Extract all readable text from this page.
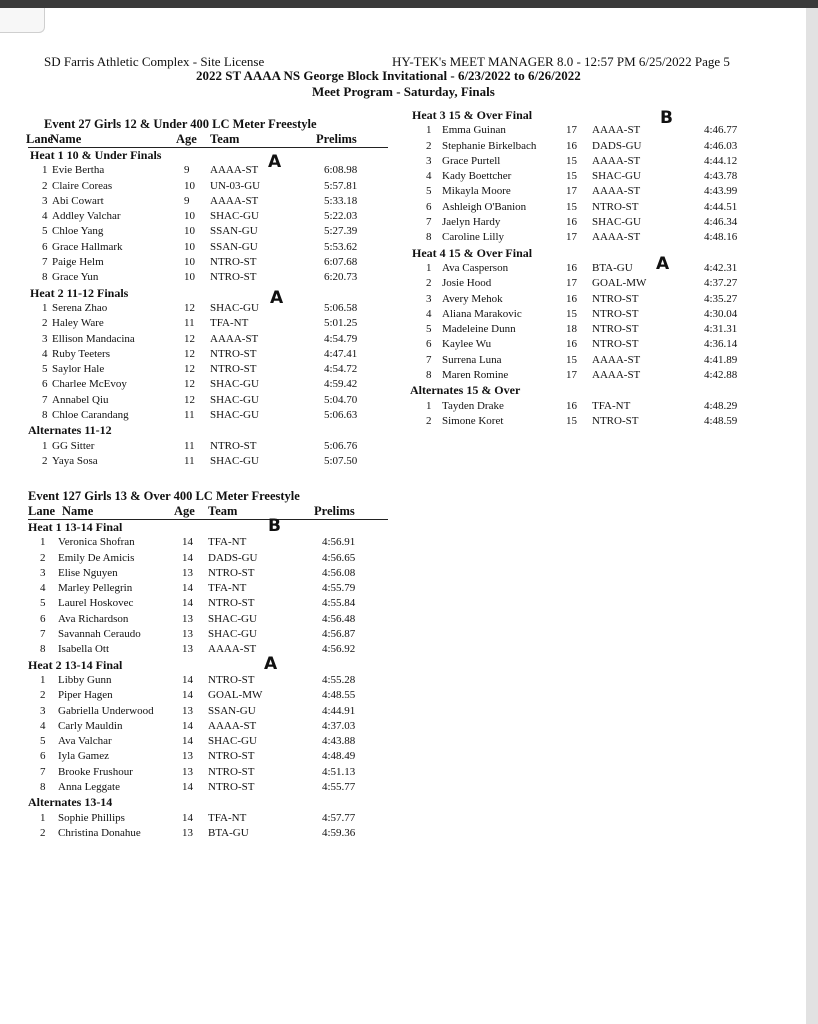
SD Farris Athletic Complex - Site License	HY-TEK's MEET MANAGER 8.0 - 12:57 PM 6/25/2022 Page 5
2022 ST AAAA NS George Block Invitational - 6/23/2022 to 6/26/2022
Meet Program - Saturday, Finals
Event 27 Girls 12 & Under 400 LC Meter Freestyle
Lane
Name	Age Team	Prelims
Heat 1 10 & Under Finals
1 Evie Bertha	9 AAAA-ST	6:08.98
2 Claire Coreas	10 UN-03-GU	5:57.81
3 Abi Cowart	9 AAAA-ST	5:33.18
4 Addley Valchar	10 SHAC-GU	5:22.03
5 Chloe Yang	10 SSAN-GU	5:27.39
6 Grace Hallmark	10 SSAN-GU	5:53.62
7 Paige Helm	10 NTRO-ST	6:07.68
8 Grace Yun	10 NTRO-ST	6:20.73
Heat 2 11-12 Finals
1 Serena Zhao	12 SHAC-GU	5:06.58
2 Haley Ware	11 TFA-NT	5:01.25
3 Ellison Mandacina	12 AAAA-ST	4:54.79
4 Ruby Teeters	12 NTRO-ST	4:47.41
5 Saylor Hale	12 NTRO-ST	4:54.72
6 Charlee McEvoy	12 SHAC-GU	4:59.42
7 Annabel Qiu	12 SHAC-GU	5:04.70
8 Chloe Carandang	11 SHAC-GU	5:06.63
Alternates 11-12
1 GG Sitter	11 NTRO-ST	5:06.76
2 Yaya Sosa	11 SHAC-GU	5:07.50
Event 127 Girls 13 & Over 400 LC Meter Freestyle
Lane Name	Age Team	Prelims
Heat 1 13-14 Final
1 Veronica Shofran	14 TFA-NT	4:56.91
2 Emily De Amicis	14 DADS-GU	4:56.65
3 Elise Nguyen	13 NTRO-ST	4:56.08
4 Marley Pellegrin	14 TFA-NT	4:55.79
5 Laurel Hoskovec	14 NTRO-ST	4:55.84
6 Ava Richardson	13 SHAC-GU	4:56.48
7 Savannah Ceraudo	13 SHAC-GU	4:56.87
8 Isabella Ott	13 AAAA-ST	4:56.92
Heat 2 13-14 Final
1 Libby Gunn	14 NTRO-ST	4:55.28
2 Piper Hagen	14 GOAL-MW	4:48.55
3 Gabriella Underwood	13 SSAN-GU	4:44.91
4 Carly Mauldin	14 AAAA-ST	4:37.03
5 Ava Valchar	14 SHAC-GU	4:43.88
6 Iyla Gamez	13 NTRO-ST	4:48.49
7 Brooke Frushour	13 NTRO-ST	4:51.13
8 Anna Leggate	14 NTRO-ST	4:55.77
Alternates 13-14
1 Sophie Phillips	14 TFA-NT	4:57.77
2 Christina Donahue	13 BTA-GU	4:59.36
Heat 3 15 & Over Final
1 Emma Guinan	17 AAAA-ST	4:46.77
2 Stephanie Birkelbach	16 DADS-GU	4:46.03
3 Grace Purtell	15 AAAA-ST	4:44.12
4 Kady Boettcher	15 SHAC-GU	4:43.78
5 Mikayla Moore	17 AAAA-ST	4:43.99
6 Ashleigh O'Banion	15 NTRO-ST	4:44.51
7 Jaelyn Hardy	16 SHAC-GU	4:46.34
8 Caroline Lilly	17 AAAA-ST	4:48.16
Heat 4 15 & Over Final
1 Ava Casperson	16 BTA-GU	4:42.31
2 Josie Hood	17 GOAL-MW	4:37.27
3 Avery Mehok	16 NTRO-ST	4:35.27
4 Aliana Marakovic	15 NTRO-ST	4:30.04
5 Madeleine Dunn	18 NTRO-ST	4:31.31
6 Kaylee Wu	16 NTRO-ST	4:36.14
7 Surrena Luna	15 AAAA-ST	4:41.89
8 Maren Romine	17 AAAA-ST	4:42.88
Alternates 15 & Over
1 Tayden Drake	16 TFA-NT	4:48.29
2 Simone Koret	15 NTRO-ST	4:48.59
A
A
B
A
B
A
